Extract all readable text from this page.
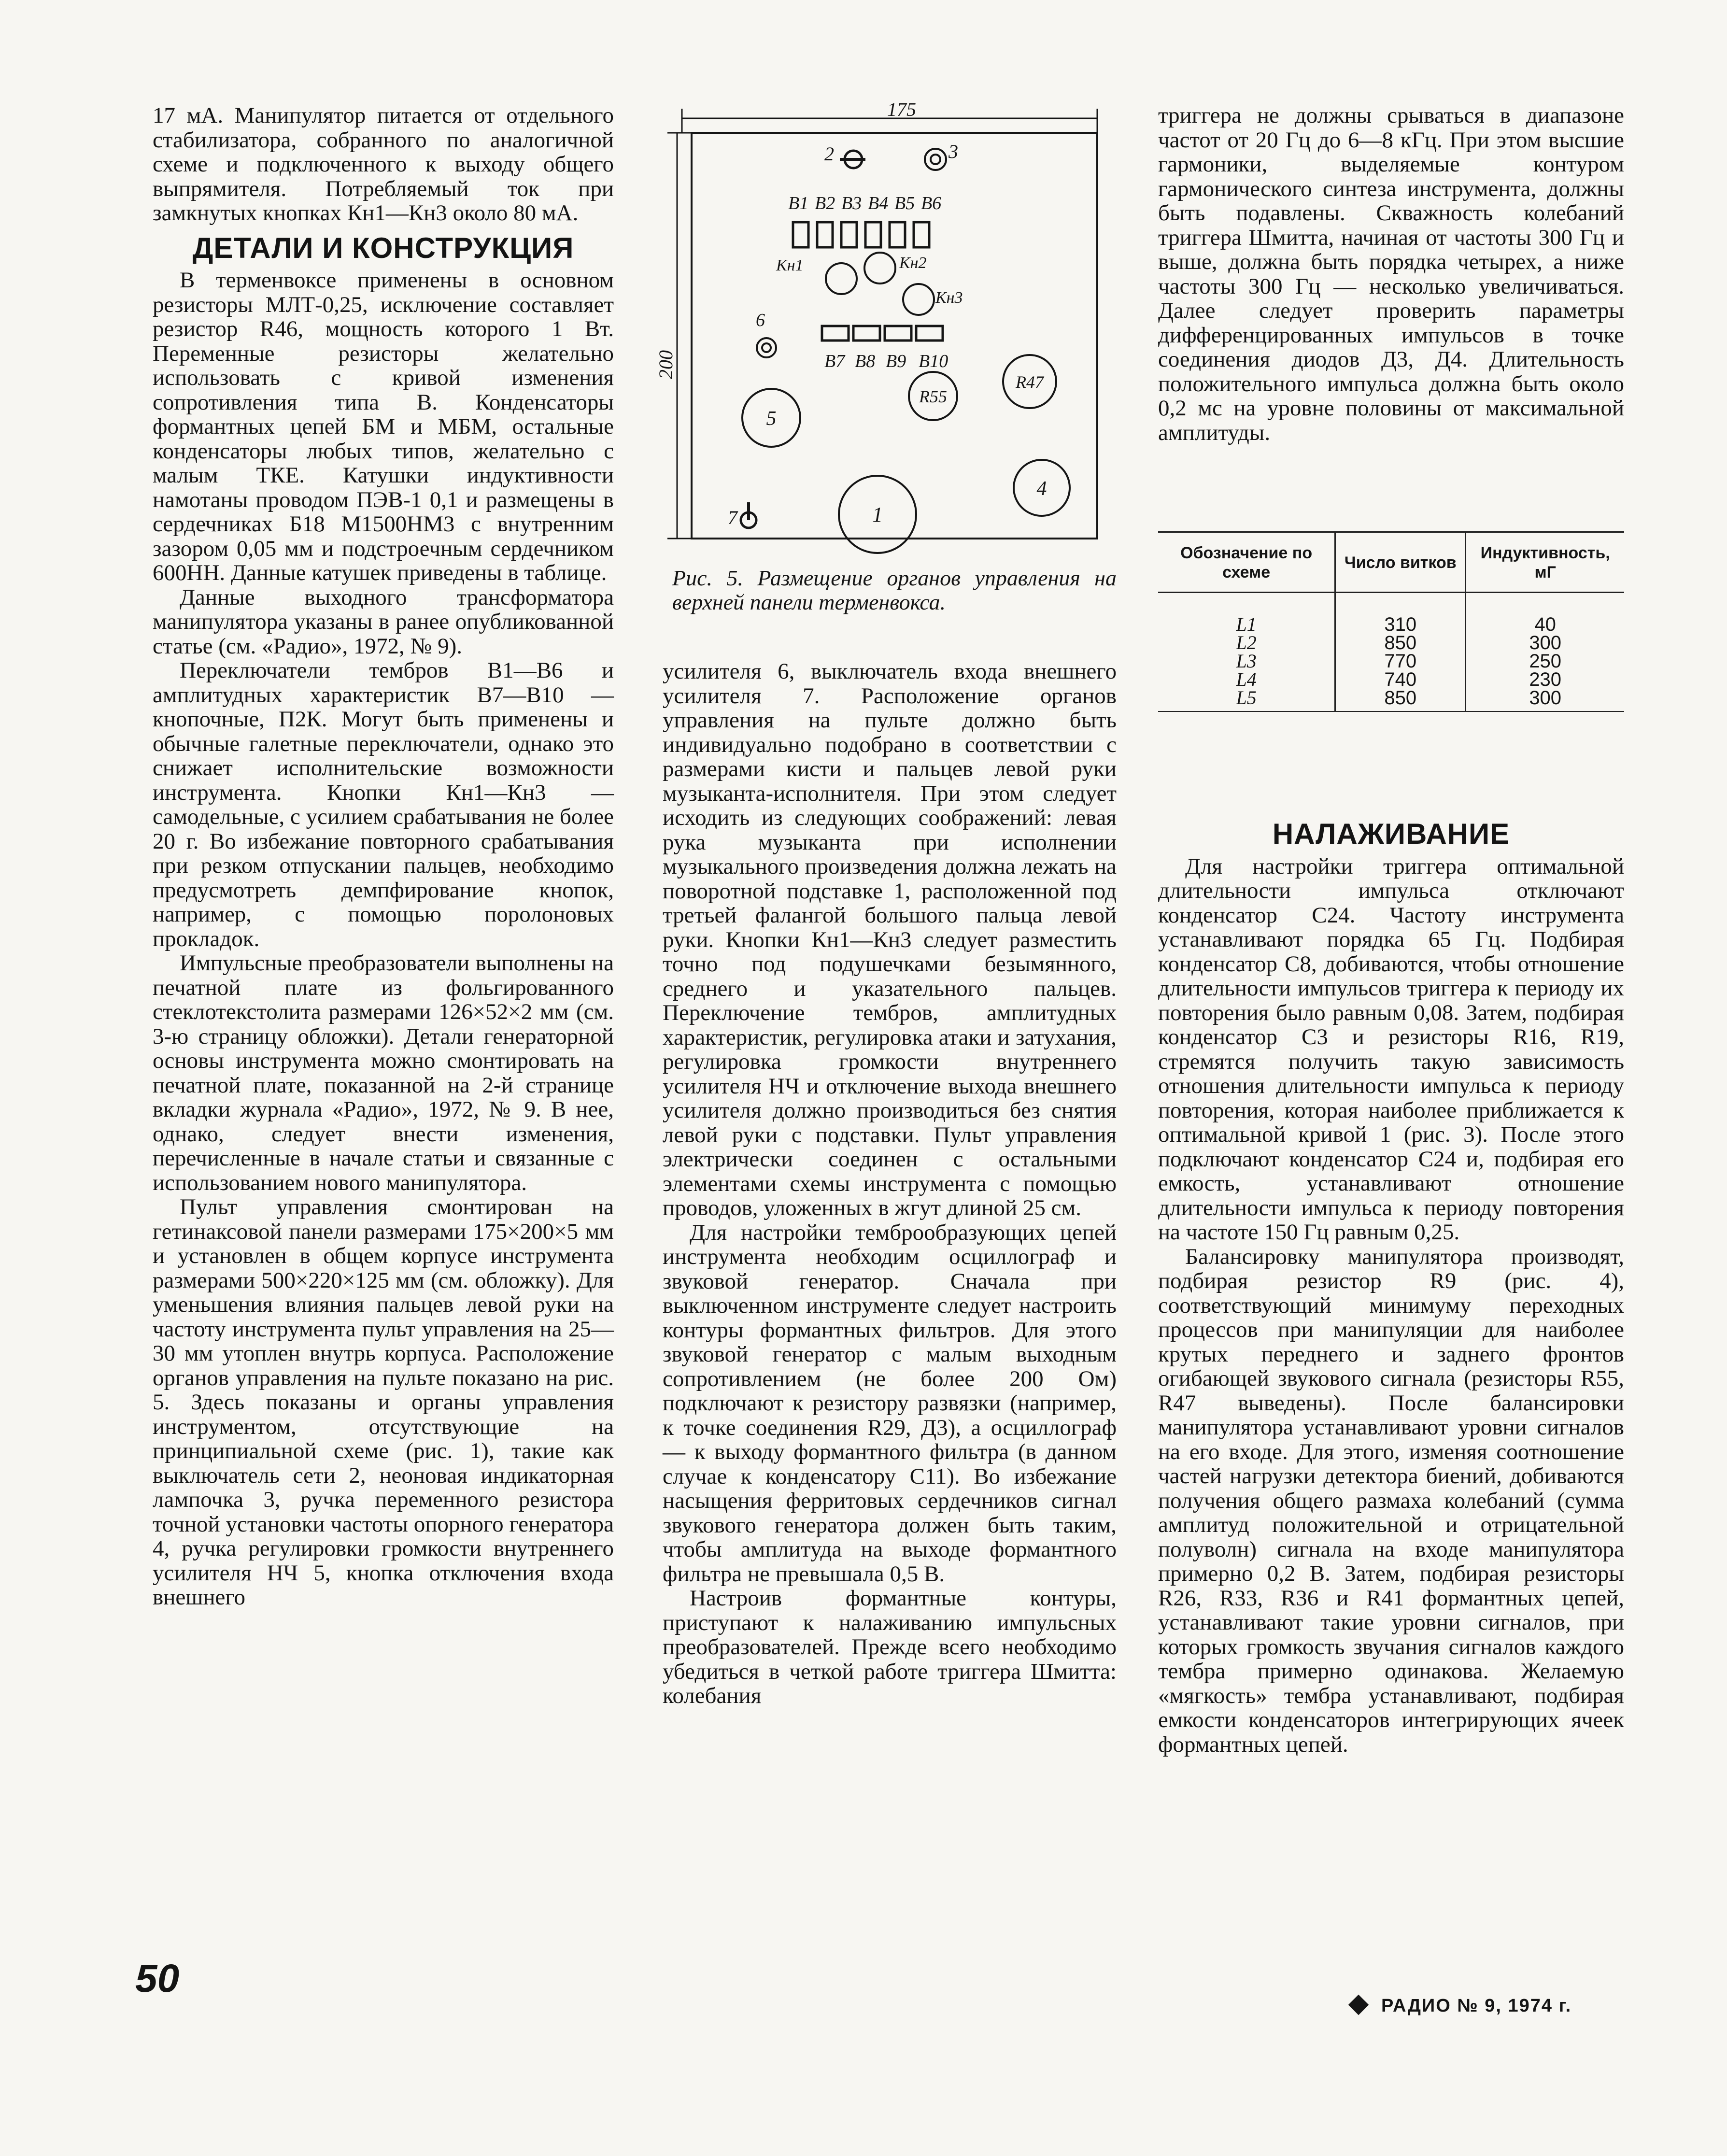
17 мА. Манипулятор питается от отдельного стабилизатора, собранного по аналогичной схеме и подключенного к выходу общего выпрямителя. Потребляемый ток при замкнутых кнопках Кн1—Кн3 около 80 мА.

ДЕТАЛИ И КОНСТРУКЦИЯ

В терменвоксе применены в основном резисторы МЛТ-0,25, исключение составляет резистор R46, мощность которого 1 Вт. Переменные резисторы желательно использовать с кривой изменения сопротивления типа В. Конденсаторы формантных цепей БМ и МБМ, остальные конденсаторы любых типов, желательно с малым ТКЕ. Катушки индуктивности намотаны проводом ПЭВ-1 0,1 и размещены в сердечниках Б18 М1500НМ3 с внутренним зазором 0,05 мм и подстроечным сердечником 600НН. Данные катушек приведены в таблице.

Данные выходного трансформатора манипулятора указаны в ранее опубликованной статье (см. «Радио», 1972, № 9).

Переключатели тембров В1—В6 и амплитудных характеристик В7—В10 — кнопочные, П2К. Могут быть применены и обычные галетные переключатели, однако это снижает исполнительские возможности инструмента. Кнопки Кн1—Кн3 — самодельные, с усилием срабатывания не более 20 г. Во избежание повторного срабатывания при резком отпускании пальцев, необходимо предусмотреть демпфирование кнопок, например, с помощью поролоновых прокладок.

Импульсные преобразователи выполнены на печатной плате из фольгированного стеклотекстолита размерами 126×52×2 мм (см. 3-ю страницу обложки). Детали генераторной основы инструмента можно смонтировать на печатной плате, показанной на 2-й странице вкладки журнала «Радио», 1972, № 9. В нее, однако, следует внести изменения, перечисленные в начале статьи и связанные с использованием нового манипулятора.

Пульт управления смонтирован на гетинаксовой панели размерами 175×200×5 мм и установлен в общем корпусе инструмента размерами 500×220×125 мм (см. обложку). Для уменьшения влияния пальцев левой руки на частоту инструмента пульт управления на 25—30 мм утоплен внутрь корпуса. Расположение органов управления на пульте показано на рис. 5. Здесь показаны и органы управления инструментом, отсутствующие на принципиальной схеме (рис. 1), такие как выключатель сети 2, неоновая индикаторная лампочка 3, ручка переменного резистора точной установки частоты опорного генератора 4, ручка регулировки громкости внутреннего усилителя НЧ 5, кнопка отключения входа внешнего

175
200
2	3
В1 В2 В3 В4 В5 В6
Кн1	Кн2
Кн3
6
В7 В8 В9 В10
5
R55
R47
7	1
4
Рис. 5. Размещение органов управления на верхней панели терменвокса.

усилителя 6, выключатель входа внешнего усилителя 7. Расположение органов управления на пульте должно быть индивидуально подобрано в соответствии с размерами кисти и пальцев левой руки музыканта-исполнителя. При этом следует исходить из следующих соображений: левая рука музыканта при исполнении музыкального произведения должна лежать на поворотной подставке 1, расположенной под третьей фалангой большого пальца левой руки. Кнопки Кн1—Кн3 следует разместить точно под подушечками безымянного, среднего и указательного пальцев. Переключение тембров, амплитудных характеристик, регулировка атаки и затухания, регулировка громкости внутреннего усилителя НЧ и отключение выхода внешнего усилителя должно производиться без снятия левой руки с подставки. Пульт управления электрически соединен с остальными элементами схемы инструмента с помощью проводов, уложенных в жгут длиной 25 см.

Для настройки темброобразующих цепей инструмента необходим осциллограф и звуковой генератор. Сначала при выключенном инструменте следует настроить контуры формантных фильтров. Для этого звуковой генератор с малым выходным сопротивлением (не более 200 Ом) подключают к резистору развязки (например, к точке соединения R29, Д3), а осциллограф — к выходу формантного фильтра (в данном случае к конденсатору С11). Во избежание насыщения ферритовых сердечников сигнал звукового генератора должен быть таким, чтобы амплитуда на выходе формантного фильтра не превышала 0,5 В.

Настроив формантные контуры, приступают к налаживанию импульсных преобразователей. Прежде всего необходимо убедиться в четкой работе триггера Шмитта: колебания

триггера не должны срываться в диапазоне частот от 20 Гц до 6—8 кГц. При этом высшие гармоники, выделяемые контуром гармонического синтеза инструмента, должны быть подавлены. Скважность колебаний триггера Шмитта, начиная от частоты 300 Гц и выше, должна быть порядка четырех, а ниже частоты 300 Гц — несколько увеличиваться. Далее следует проверить параметры дифференцированных импульсов в точке соединения диодов Д3, Д4. Длительность положительного импульса должна быть около 0,2 мс на уровне половины от максимальной амплитуды.

Обозначение по схеме	Число витков	Индуктивность, мГ
L1	310	40
L2	850	300
L3	770	250
L4	740	230
L5	850	300
НАЛАЖИВАНИЕ

Для настройки триггера оптимальной длительности импульса отключают конденсатор С24. Частоту инструмента устанавливают порядка 65 Гц. Подбирая конденсатор С8, добиваются, чтобы отношение длительности импульсов триггера к периоду их повторения было равным 0,08. Затем, подбирая конденсатор С3 и резисторы R16, R19, стремятся получить такую зависимость отношения длительности импульса к периоду повторения, которая наиболее приближается к оптимальной кривой 1 (рис. 3). После этого подключают конденсатор С24 и, подбирая его емкость, устанавливают отношение длительности импульса к периоду повторения на частоте 150 Гц равным 0,25.

Балансировку манипулятора производят, подбирая резистор R9 (рис. 4), соответствующий минимуму переходных процессов при манипуляции для наиболее крутых переднего и заднего фронтов огибающей звукового сигнала (резисторы R55, R47 выведены). После балансировки манипулятора устанавливают уровни сигналов на его входе. Для этого, изменяя соотношение частей нагрузки детектора биений, добиваются получения общего размаха колебаний (сумма амплитуд положительной и отрицательной полуволн) сигнала на входе манипулятора примерно 0,2 В. Затем, подбирая резисторы R26, R33, R36 и R41 формантных цепей, устанавливают такие уровни сигналов, при которых громкость звучания сигналов каждого тембра примерно одинакова. Желаемую «мягкость» тембра устанавливают, подбирая емкости конденсаторов интегрирующих ячеек формантных цепей.

50
РАДИО № 9, 1974 г.
